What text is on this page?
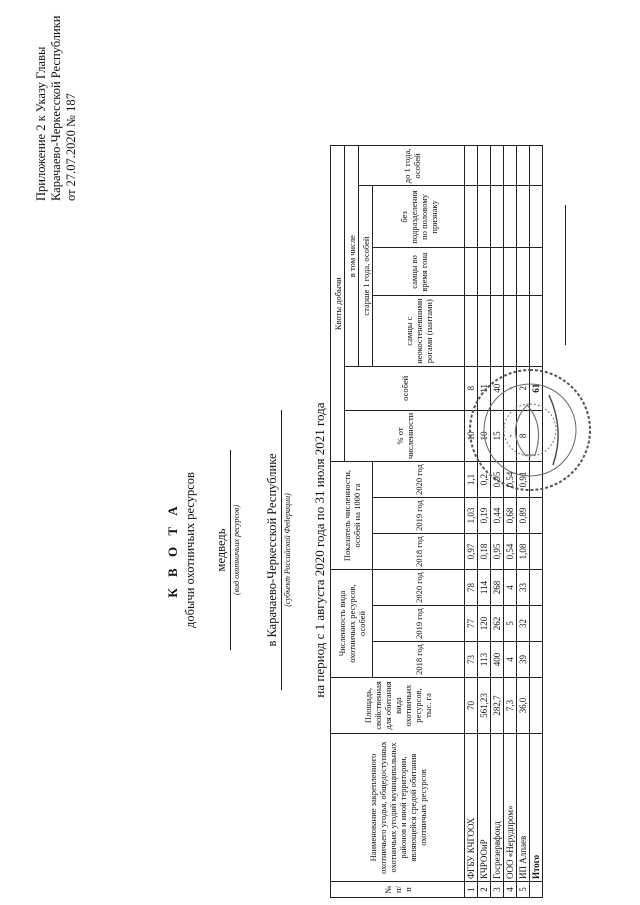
Приложение 2 к Указу Главы Карачаево-Черкесской Республики от 27.07.2020 № 187
К В О Т А добычи охотничьих ресурсов медведь (вид охотничьих ресурсов) в Карачаево-Черкесской Республике (субъект Российской Федерации) на период с 1 августа 2020 года по 31 июля 2021 года
№ п/п	Наименование закрепленного охотничьего угодья, общедоступных охотничьих угодий муниципальных районов и иной территории, являющейся средой обитания охотничьих ресурсов	Площадь, свойственная для обитания вида охотничьих ресурсов, тыс. га	Численность вида охотничьих ресурсов, особей			Показатель численности, особей на 1000 га			Квоты добычи					
									% от численности	особей	в том числе			
											старше 1 года, особей			до 1 года, особей
			2018 год	2019 год	2020 год	2018 год	2019 год	2020 год			самцы с неокостеневшими рогами (пантами)	самцы во время гона	без подразделения по половому признаку	
1	ФГБУ КЧГООХ	70	73	77	78	0,97	1,03	1,1	10	8				
2	КЧРООиР	561,23	113	120	114	0,18	0,19	0,2	10	11				
3	Госрезервфонд	282,7	400	262	268	0,95	0,44	0,95	15	40				
4	ООО «Нерудпром»	7,3	4	5	4	0,54	0,68	0,54	-	-				
5	ИП Алпаев	36,0	39	32	33	1,08	0,89	0,91	8	2				
	Итого									61				
